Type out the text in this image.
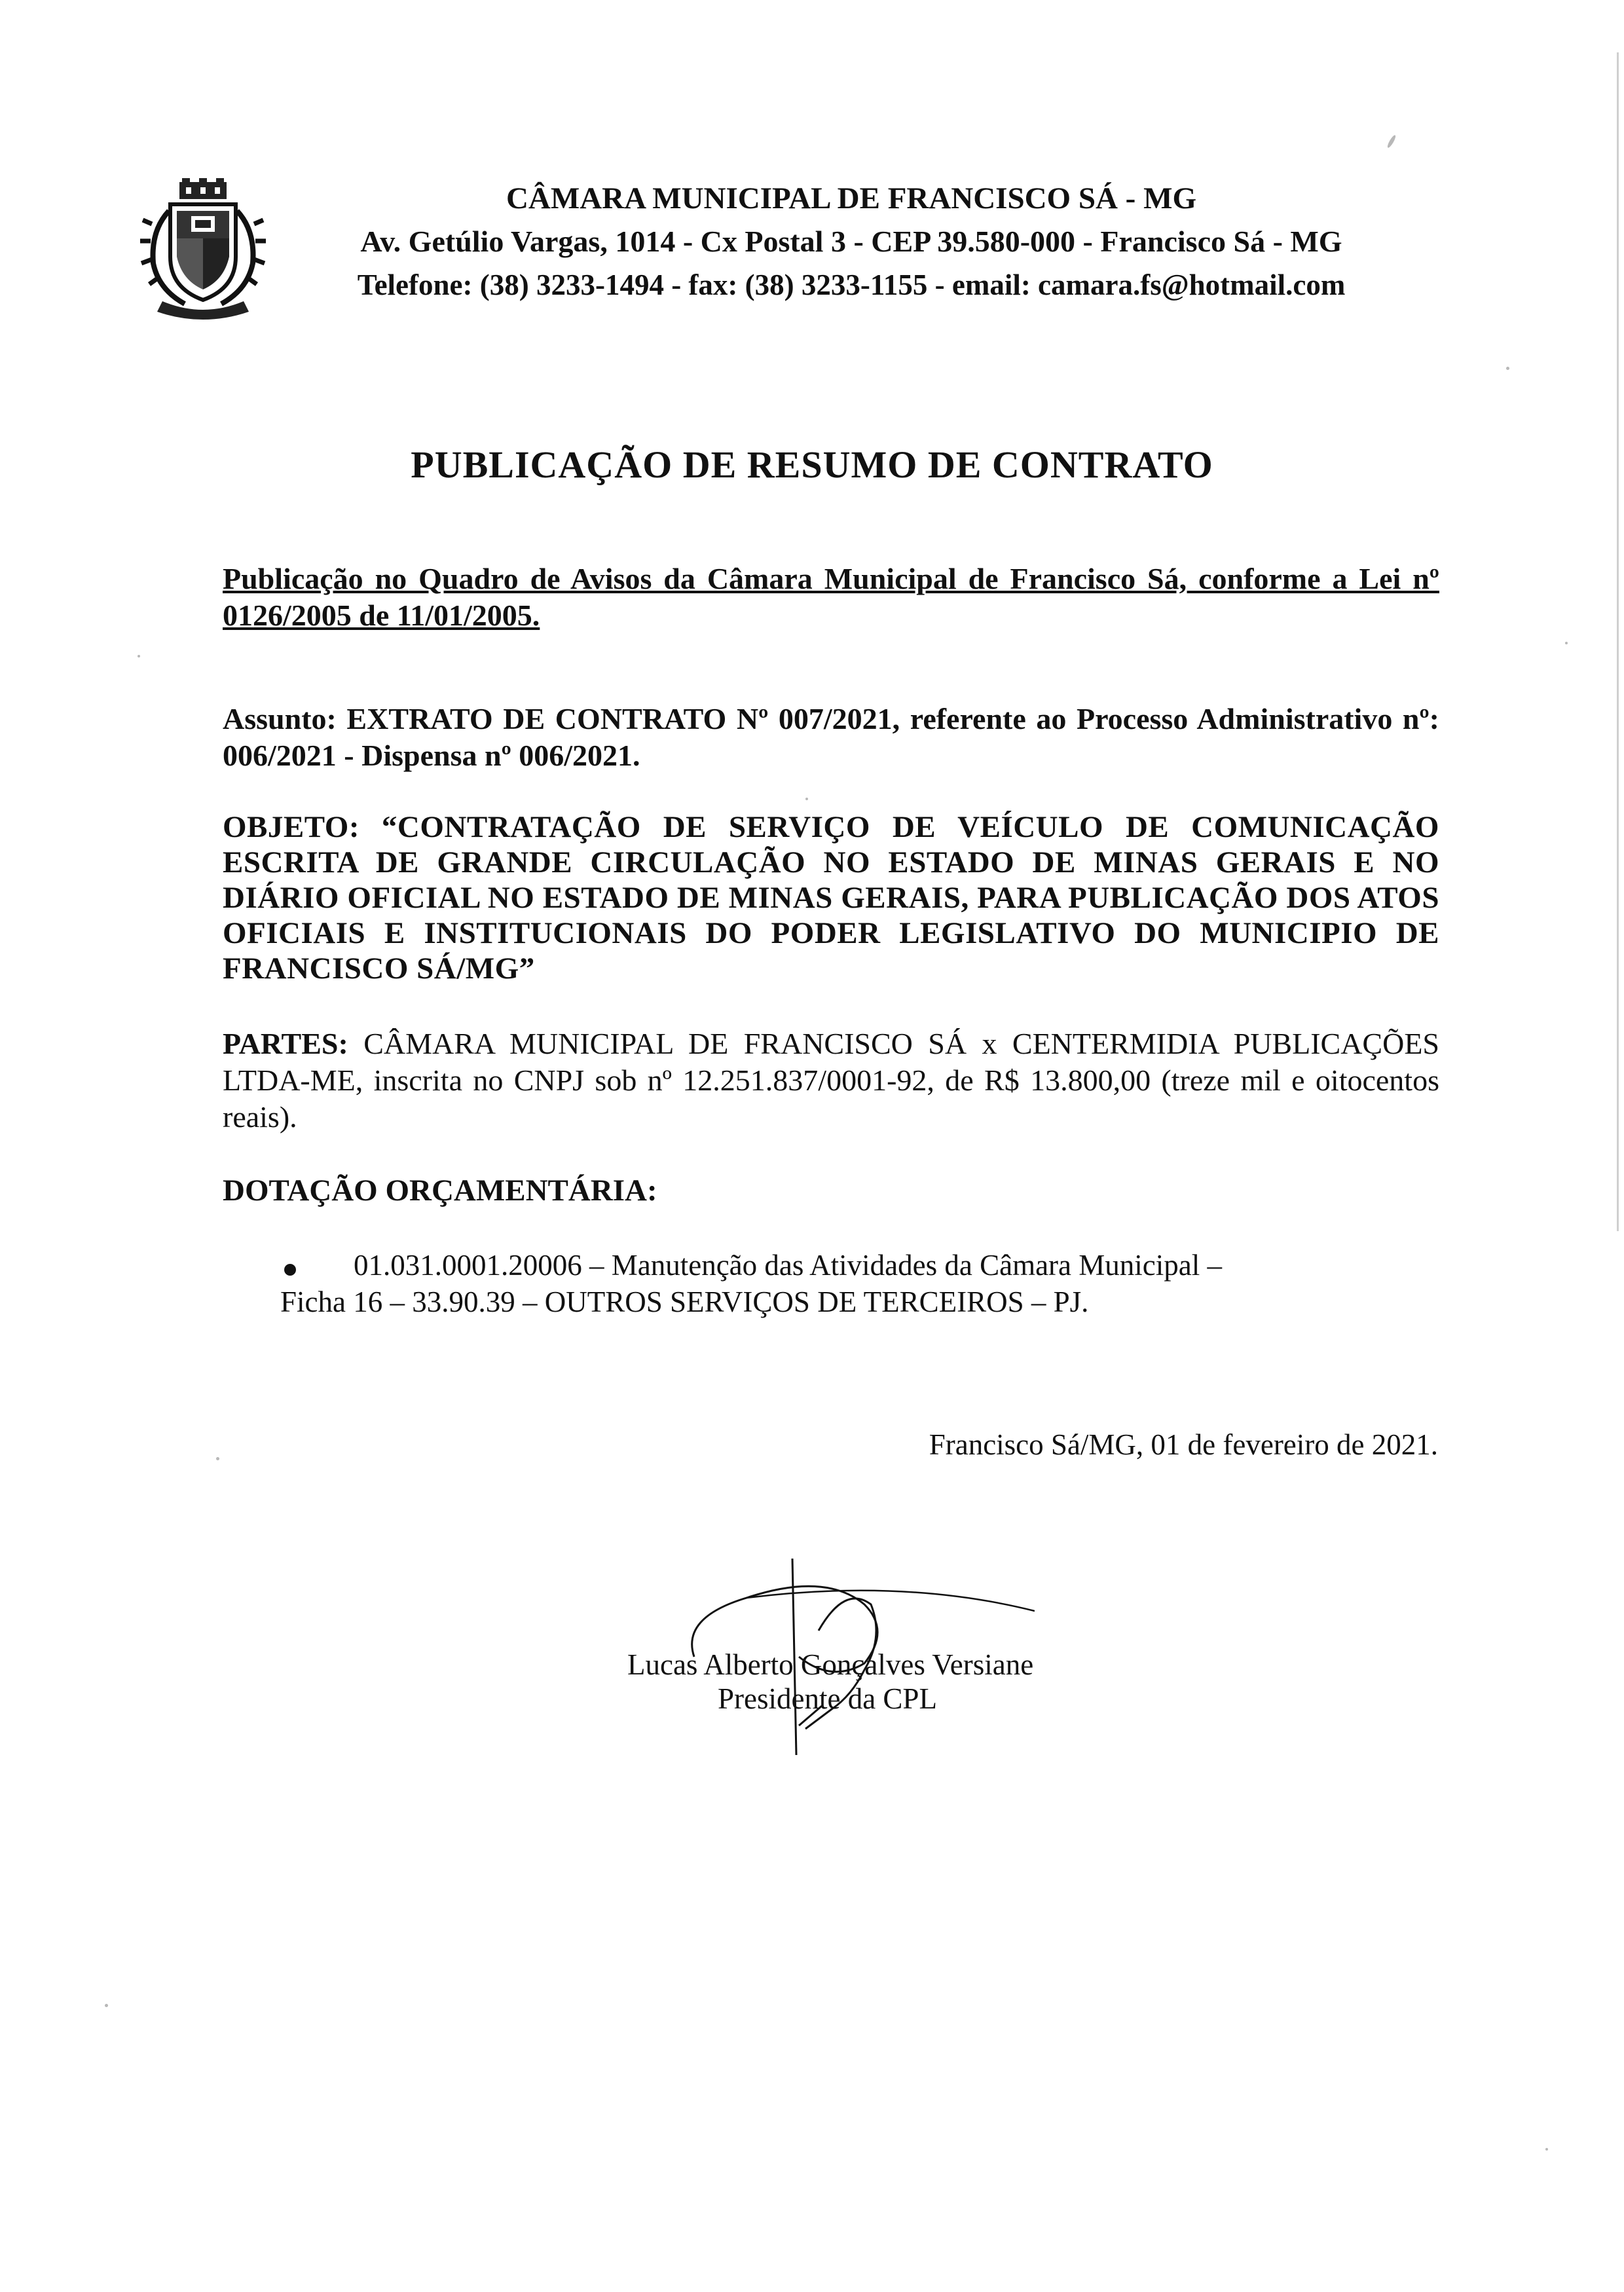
CÂMARA MUNICIPAL DE FRANCISCO SÁ - MG
Av. Getúlio Vargas, 1014 - Cx Postal 3 - CEP 39.580-000 - Francisco Sá - MG
Telefone: (38) 3233-1494 - fax: (38) 3233-1155 - email: camara.fs@hotmail.com
PUBLICAÇÃO DE RESUMO DE CONTRATO
Publicação no Quadro de Avisos da Câmara Municipal de Francisco Sá, conforme a Lei nº 0126/2005 de 11/01/2005.
Assunto: EXTRATO DE CONTRATO Nº 007/2021, referente ao Processo Administrativo nº: 006/2021 - Dispensa nº 006/2021.
OBJETO: “CONTRATAÇÃO DE SERVIÇO DE VEÍCULO DE COMUNICAÇÃO ESCRITA DE GRANDE CIRCULAÇÃO NO ESTADO DE MINAS GERAIS E NO DIÁRIO OFICIAL NO ESTADO DE MINAS GERAIS, PARA PUBLICAÇÃO DOS ATOS OFICIAIS E INSTITUCIONAIS DO PODER LEGISLATIVO DO MUNICIPIO DE FRANCISCO SÁ/MG”
PARTES: CÂMARA MUNICIPAL DE FRANCISCO SÁ x CENTERMIDIA PUBLICAÇÕES LTDA-ME, inscrita no CNPJ sob nº 12.251.837/0001-92, de R$ 13.800,00 (treze mil e oitocentos reais).
DOTAÇÃO ORÇAMENTÁRIA:
01.031.0001.20006 – Manutenção das Atividades da Câmara Municipal –
Ficha 16 – 33.90.39 – OUTROS SERVIÇOS DE TERCEIROS – PJ.
Francisco Sá/MG, 01 de fevereiro de 2021.
Lucas Alberto Gonçalves Versiane
Presidente da CPL
